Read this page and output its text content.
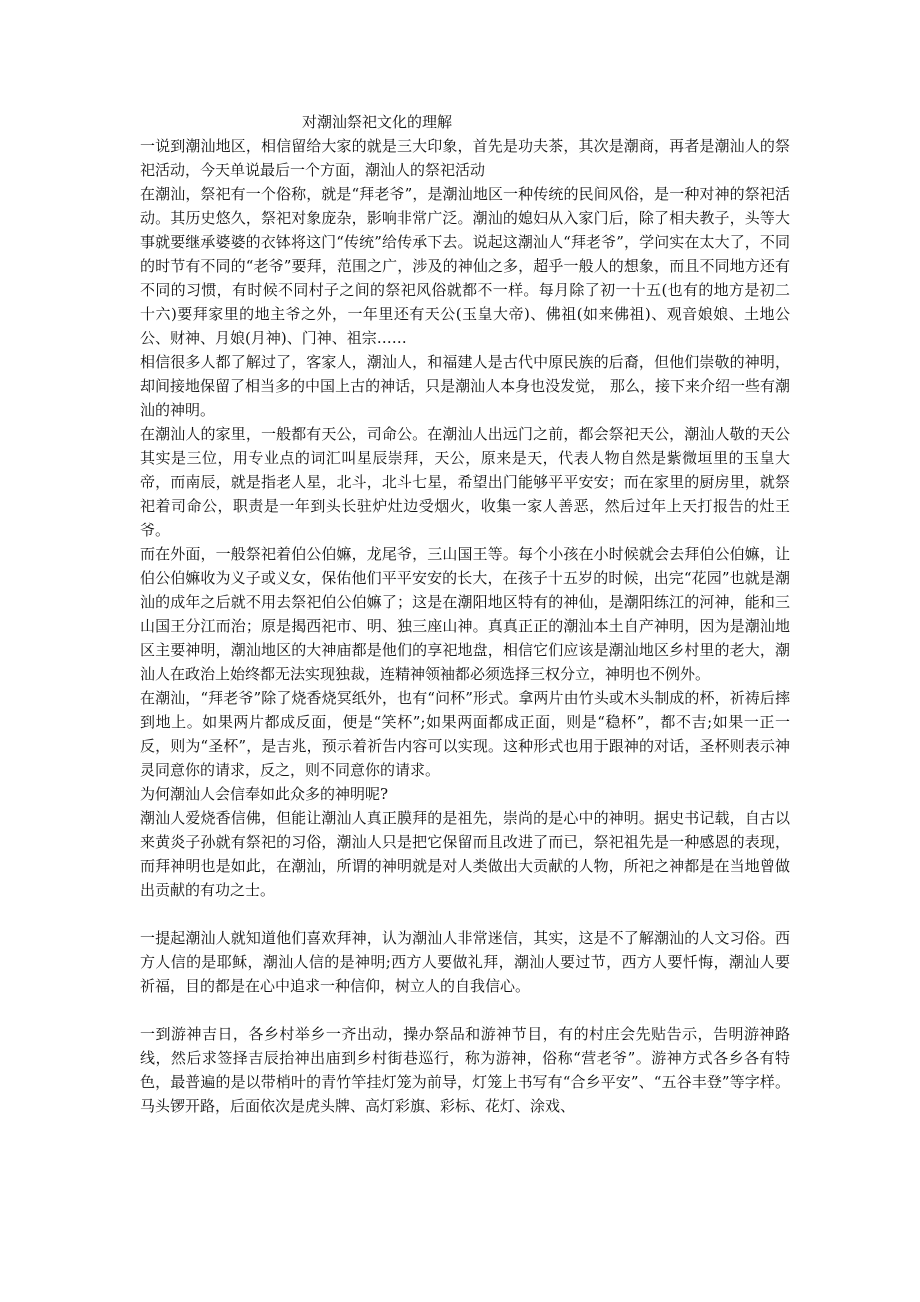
对潮汕祭祀文化的理解

一说到潮汕地区，相信留给大家的就是三大印象，首先是功夫茶，其次是潮商，再者是潮汕人的祭祀活动，今天单说最后一个方面，潮汕人的祭祀活动

在潮汕，祭祀有一个俗称，就是“拜老爷”，是潮汕地区一种传统的民间风俗，是一种对神的祭祀活动。其历史悠久，祭祀对象庞杂，影响非常广泛。潮汕的媳妇从入家门后，除了相夫教子，头等大事就要继承婆婆的衣钵将这门“传统”给传承下去。说起这潮汕人“拜老爷”，学问实在太大了，不同的时节有不同的“老爷”要拜，范围之广，涉及的神仙之多，超乎一般人的想象，而且不同地方还有不同的习惯，有时候不同村子之间的祭祀风俗就都不一样。每月除了初一十五(也有的地方是初二十六)要拜家里的地主爷之外，一年里还有天公(玉皇大帝)、佛祖(如来佛祖)、观音娘娘、土地公公、财神、月娘(月神)、门神、祖宗……

相信很多人都了解过了，客家人，潮汕人，和福建人是古代中原民族的后裔，但他们崇敬的神明，却间接地保留了相当多的中国上古的神话，只是潮汕人本身也没发觉， 那么，接下来介绍一些有潮汕的神明。

在潮汕人的家里，一般都有天公，司命公。在潮汕人出远门之前，都会祭祀天公，潮汕人敬的天公其实是三位，用专业点的词汇叫星辰崇拜，天公，原来是天，代表人物自然是紫微垣里的玉皇大帝，而南辰，就是指老人星，北斗，北斗七星，希望出门能够平平安安；而在家里的厨房里，就祭祀着司命公，职责是一年到头长驻炉灶边受烟火，收集一家人善恶，然后过年上天打报告的灶王爷。

而在外面，一般祭祀着伯公伯嫲，龙尾爷，三山国王等。每个小孩在小时候就会去拜伯公伯嫲，让伯公伯嫲收为义子或义女，保佑他们平平安安的长大，在孩子十五岁的时候，出完“花园”也就是潮汕的成年之后就不用去祭祀伯公伯嫲了；这是在潮阳地区特有的神仙，是潮阳练江的河神，能和三山国王分江而治；原是揭西祀市、明、独三座山神。真真正正的潮汕本土自产神明，因为是潮汕地区主要神明，潮汕地区的大神庙都是他们的享祀地盘，相信它们应该是潮汕地区乡村里的老大，潮汕人在政治上始终都无法实现独裁，连精神领袖都必须选择三权分立，神明也不例外。

在潮汕，“拜老爷”除了烧香烧冥纸外，也有“问杯”形式。拿两片由竹头或木头制成的杯，祈祷后摔到地上。如果两片都成反面，便是“笑杯”;如果两面都成正面，则是“稳杯”，都不吉;如果一正一反，则为“圣杯”，是吉兆，预示着祈告内容可以实现。这种形式也用于跟神的对话，圣杯则表示神灵同意你的请求，反之，则不同意你的请求。

为何潮汕人会信奉如此众多的神明呢?

潮汕人爱烧香信佛，但能让潮汕人真正膜拜的是祖先，崇尚的是心中的神明。据史书记载，自古以来黄炎子孙就有祭祀的习俗，潮汕人只是把它保留而且改进了而已，祭祀祖先是一种感恩的表现，而拜神明也是如此，在潮汕，所谓的神明就是对人类做出大贡献的人物，所祀之神都是在当地曾做出贡献的有功之士。

一提起潮汕人就知道他们喜欢拜神，认为潮汕人非常迷信，其实，这是不了解潮汕的人文习俗。西方人信的是耶稣，潮汕人信的是神明;西方人要做礼拜，潮汕人要过节，西方人要忏悔，潮汕人要祈福，目的都是在心中追求一种信仰，树立人的自我信心。

一到游神吉日，各乡村举乡一齐出动，操办祭品和游神节目，有的村庄会先贴告示，告明游神路线，然后求签择吉辰抬神出庙到乡村街巷巡行，称为游神，俗称“营老爷”。游神方式各乡各有特色，最普遍的是以带梢叶的青竹竿挂灯笼为前导，灯笼上书写有“合乡平安”、“五谷丰登”等字样。马头锣开路，后面依次是虎头牌、高灯彩旗、彩标、花灯、涂戏、
